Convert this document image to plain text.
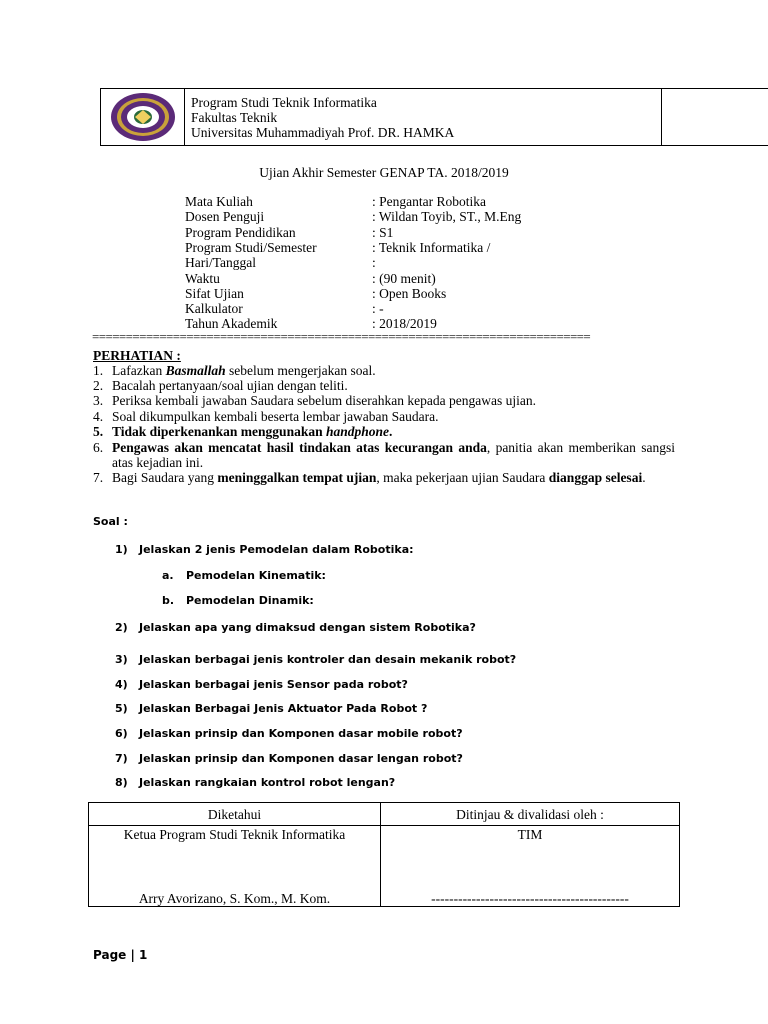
Program Studi Teknik Informatika
Fakultas Teknik
Universitas Muhammadiyah Prof. DR. HAMKA
Ujian Akhir Semester GENAP TA. 2018/2019
Mata Kuliah	: Pengantar Robotika
Dosen Penguji	: Wildan Toyib, ST., M.Eng
Program Pendidikan	: S1
Program Studi/Semester	: Teknik Informatika /
Hari/Tanggal	:
Waktu	: (90 menit)
Sifat Ujian	: Open Books
Kalkulator	: -
Tahun Akademik	: 2018/2019
==========================================================================
PERHATIAN :
1. Lafazkan Basmallah sebelum mengerjakan soal.
2. Bacalah pertanyaan/soal ujian dengan teliti.
3. Periksa kembali jawaban Saudara sebelum diserahkan kepada pengawas ujian.
4. Soal dikumpulkan kembali beserta lembar jawaban Saudara.
5. Tidak diperkenankan menggunakan handphone.
6. Pengawas akan mencatat hasil tindakan atas kecurangan anda, panitia akan memberikan sangsi atas kejadian ini.
7. Bagi Saudara yang meninggalkan tempat ujian, maka pekerjaan ujian Saudara dianggap selesai.
Soal :
1) Jelaskan 2 jenis Pemodelan dalam Robotika:
a. Pemodelan Kinematik:
b. Pemodelan Dinamik:
2) Jelaskan apa yang dimaksud dengan sistem Robotika?
3) Jelaskan berbagai jenis kontroler dan desain mekanik robot?
4) Jelaskan berbagai jenis Sensor pada robot?
5) Jelaskan Berbagai Jenis Aktuator Pada Robot ?
6) Jelaskan prinsip dan Komponen dasar mobile robot?
7) Jelaskan prinsip dan Komponen dasar lengan robot?
8) Jelaskan rangkaian kontrol robot lengan?
Diketahui	Ditinjau & divalidasi oleh :
Ketua Program Studi Teknik Informatika	TIM
Arry Avorizano, S. Kom., M. Kom.	--------------------------------------------
Page | 1
